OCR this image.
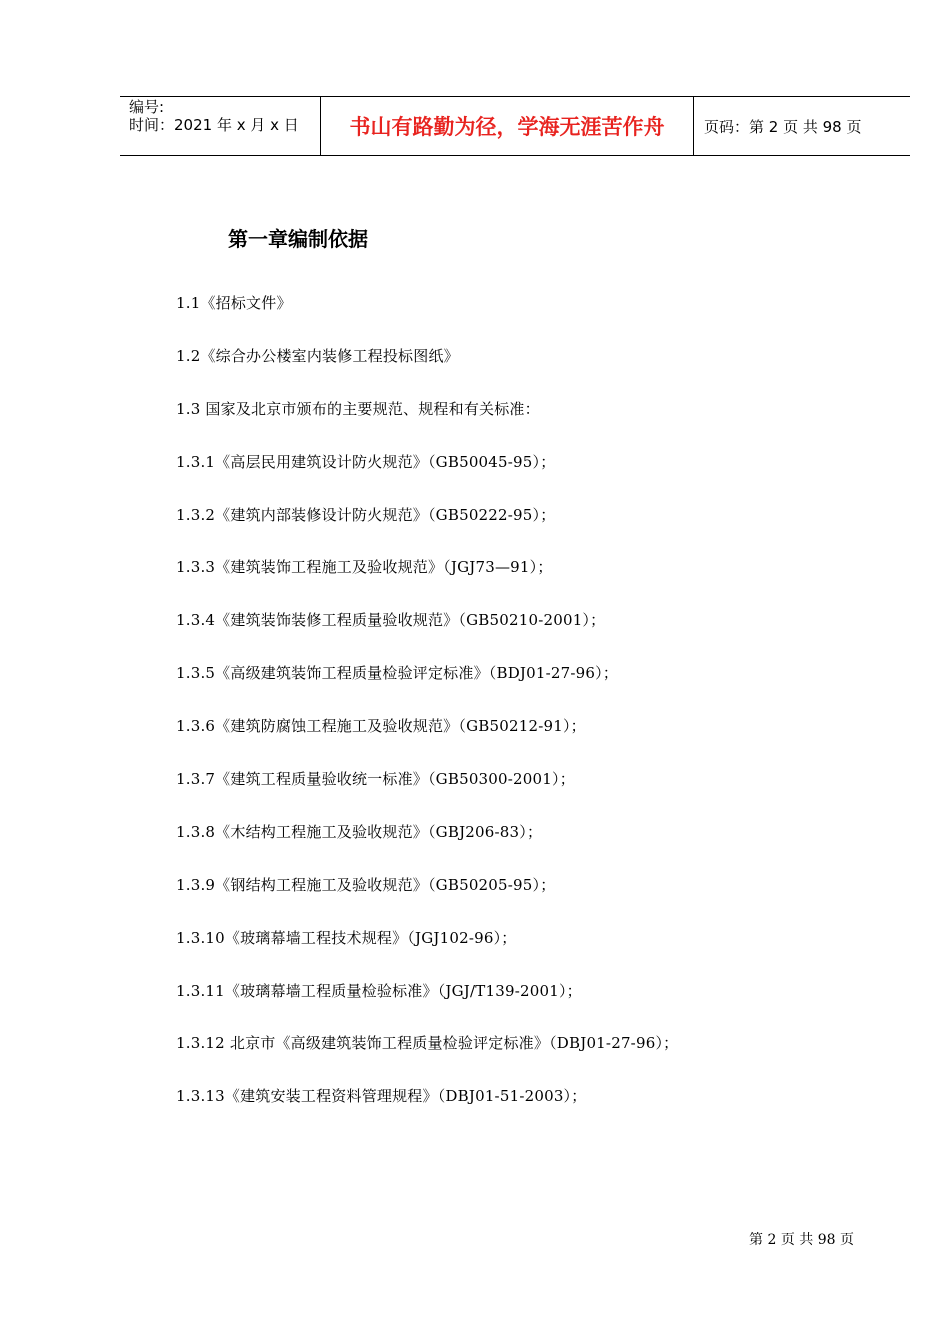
编号:
时间：2021 年 x 月 x 日	书山有路勤为径，学海无涯苦作舟	页码：第 2 页 共 98 页
第一章编制依据
1.1《招标文件》
1.2《综合办公楼室内装修工程投标图纸》
1.3 国家及北京市颁布的主要规范、规程和有关标准：
1.3.1《高层民用建筑设计防火规范》（GB50045-95）；
1.3.2《建筑内部装修设计防火规范》（GB50222-95）；
1.3.3《建筑装饰工程施工及验收规范》（JGJ73—91）；
1.3.4《建筑装饰装修工程质量验收规范》（GB50210-2001）；
1.3.5《高级建筑装饰工程质量检验评定标准》（BDJ01-27-96）；
1.3.6《建筑防腐蚀工程施工及验收规范》（GB50212-91）；
1.3.7《建筑工程质量验收统一标准》（GB50300-2001）；
1.3.8《木结构工程施工及验收规范》（GBJ206-83）；
1.3.9《钢结构工程施工及验收规范》（GB50205-95）；
1.3.10《玻璃幕墙工程技术规程》（JGJ102-96）；
1.3.11《玻璃幕墙工程质量检验标准》（JGJ/T139-2001）；
1.3.12 北京市《高级建筑装饰工程质量检验评定标准》（DBJ01-27-96）；
1.3.13《建筑安装工程资料管理规程》（DBJ01-51-2003）；
第 2 页 共 98 页
